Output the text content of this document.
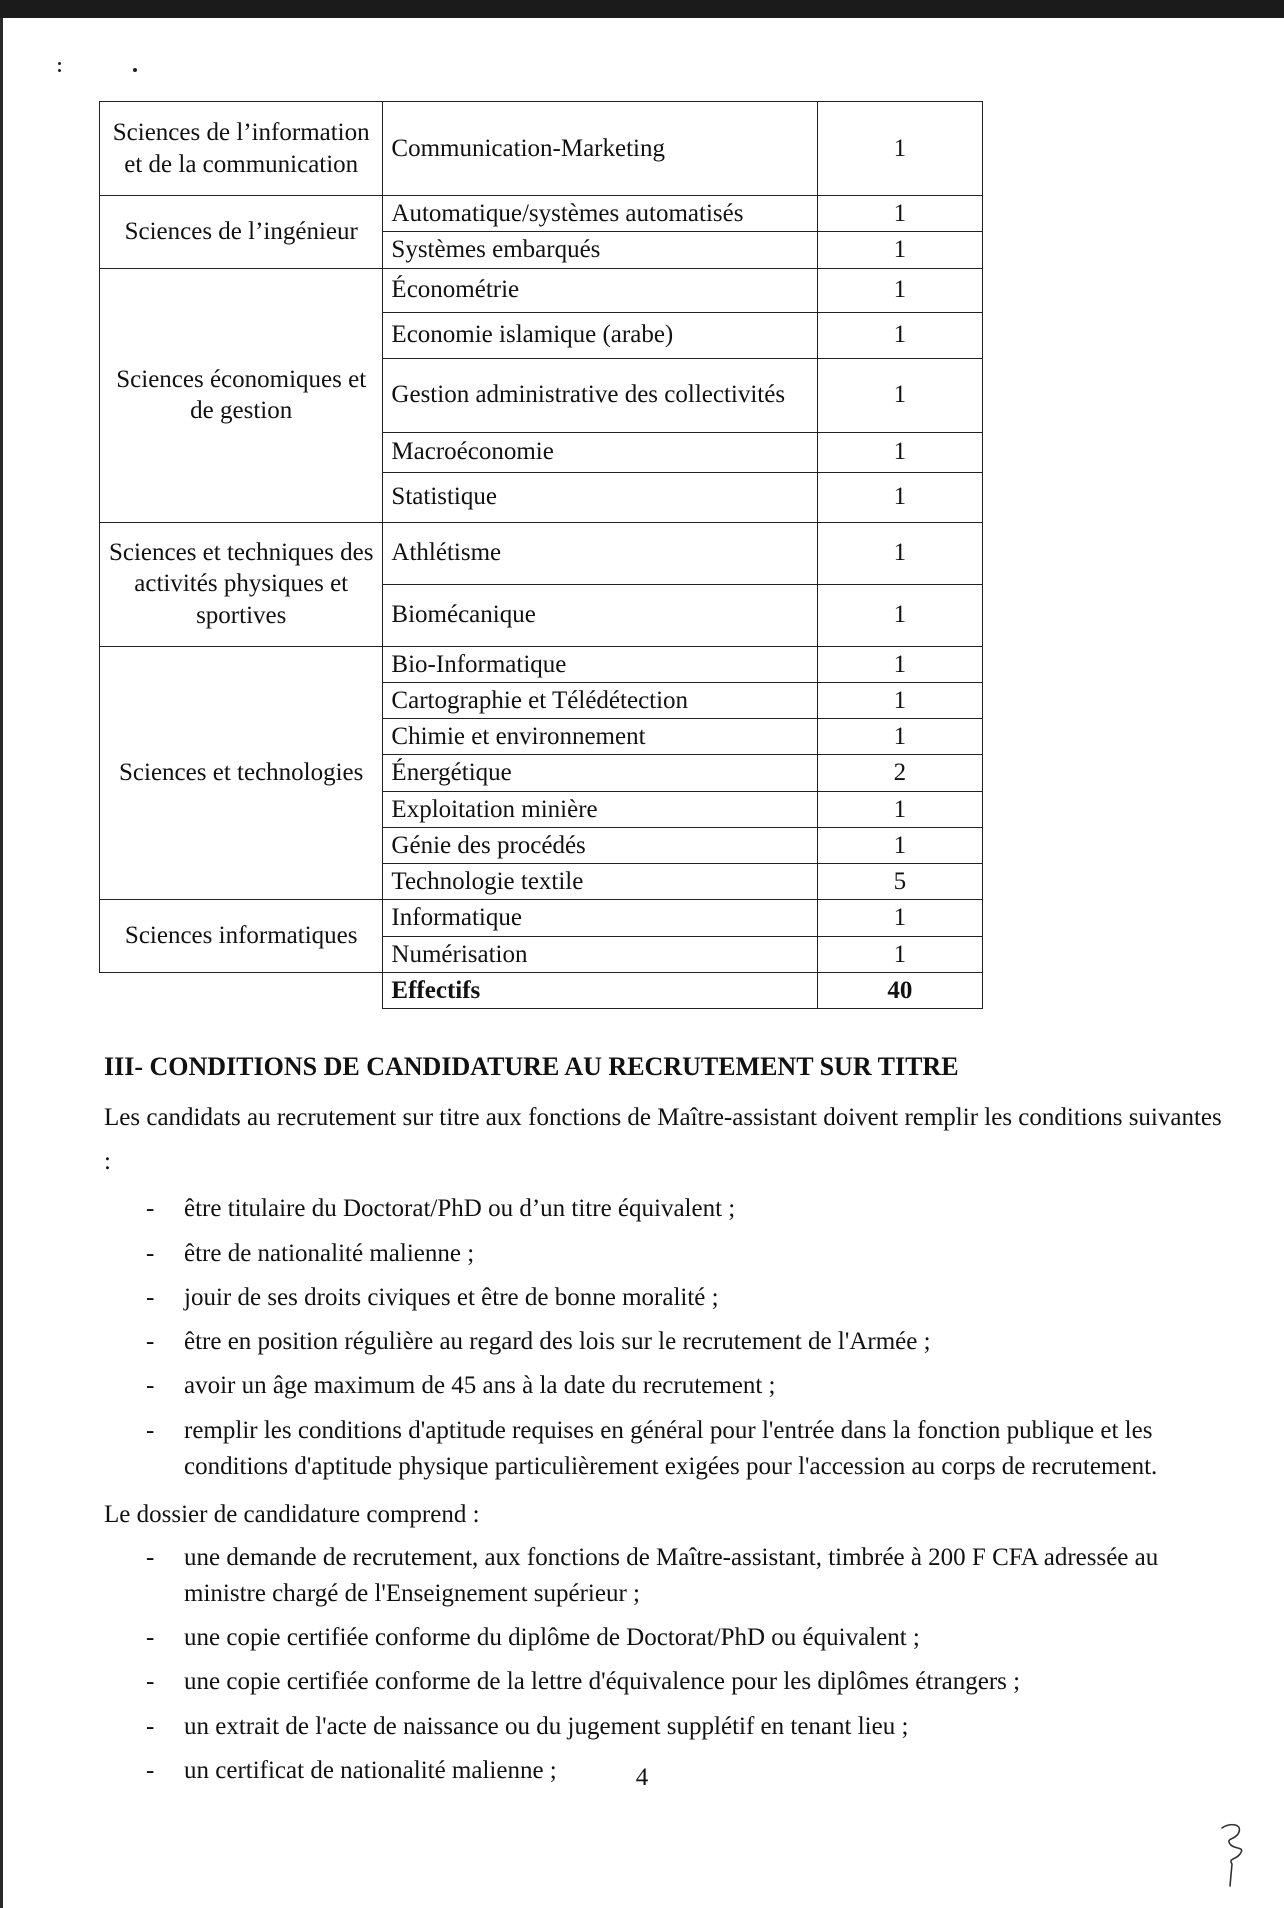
Sciences de l’information et de la communication	Communication-Marketing	1
Sciences de l’ingénieur	Automatique/systèmes automatisés	1
	Systèmes embarqués	1
Sciences économiques et de gestion	Économétrie	1
	Economie islamique (arabe)	1
	Gestion administrative des collectivités	1
	Macroéconomie	1
	Statistique	1
Sciences et techniques des activités physiques et sportives	Athlétisme	1
	Biomécanique	1
Sciences et technologies	Bio-Informatique	1
	Cartographie et Télédétection	1
	Chimie et environnement	1
	Énergétique	2
	Exploitation minière	1
	Génie des procédés	1
	Technologie textile	5
Sciences informatiques	Informatique	1
	Numérisation	1
	Effectifs	40
III- CONDITIONS DE CANDIDATURE AU RECRUTEMENT SUR TITRE
Les candidats au recrutement sur titre aux fonctions de Maître-assistant doivent remplir les conditions suivantes :
- être titulaire du Doctorat/PhD ou d’un titre équivalent ;
- être de nationalité malienne ;
- jouir de ses droits civiques et être de bonne moralité ;
- être en position régulière au regard des lois sur le recrutement de l'Armée ;
- avoir un âge maximum de 45 ans à la date du recrutement ;
- remplir les conditions d'aptitude requises en général pour l'entrée dans la fonction publique et les conditions d'aptitude physique particulièrement exigées pour l'accession au corps de recrutement.
Le dossier de candidature comprend :
- une demande de recrutement, aux fonctions de Maître-assistant, timbrée à 200 F CFA adressée au ministre chargé de l'Enseignement supérieur ;
- une copie certifiée conforme du diplôme de Doctorat/PhD ou équivalent ;
- une copie certifiée conforme de la lettre d'équivalence pour les diplômes étrangers ;
- un extrait de l'acte de naissance ou du jugement supplétif en tenant lieu ;
- un certificat de nationalité malienne ;	4
